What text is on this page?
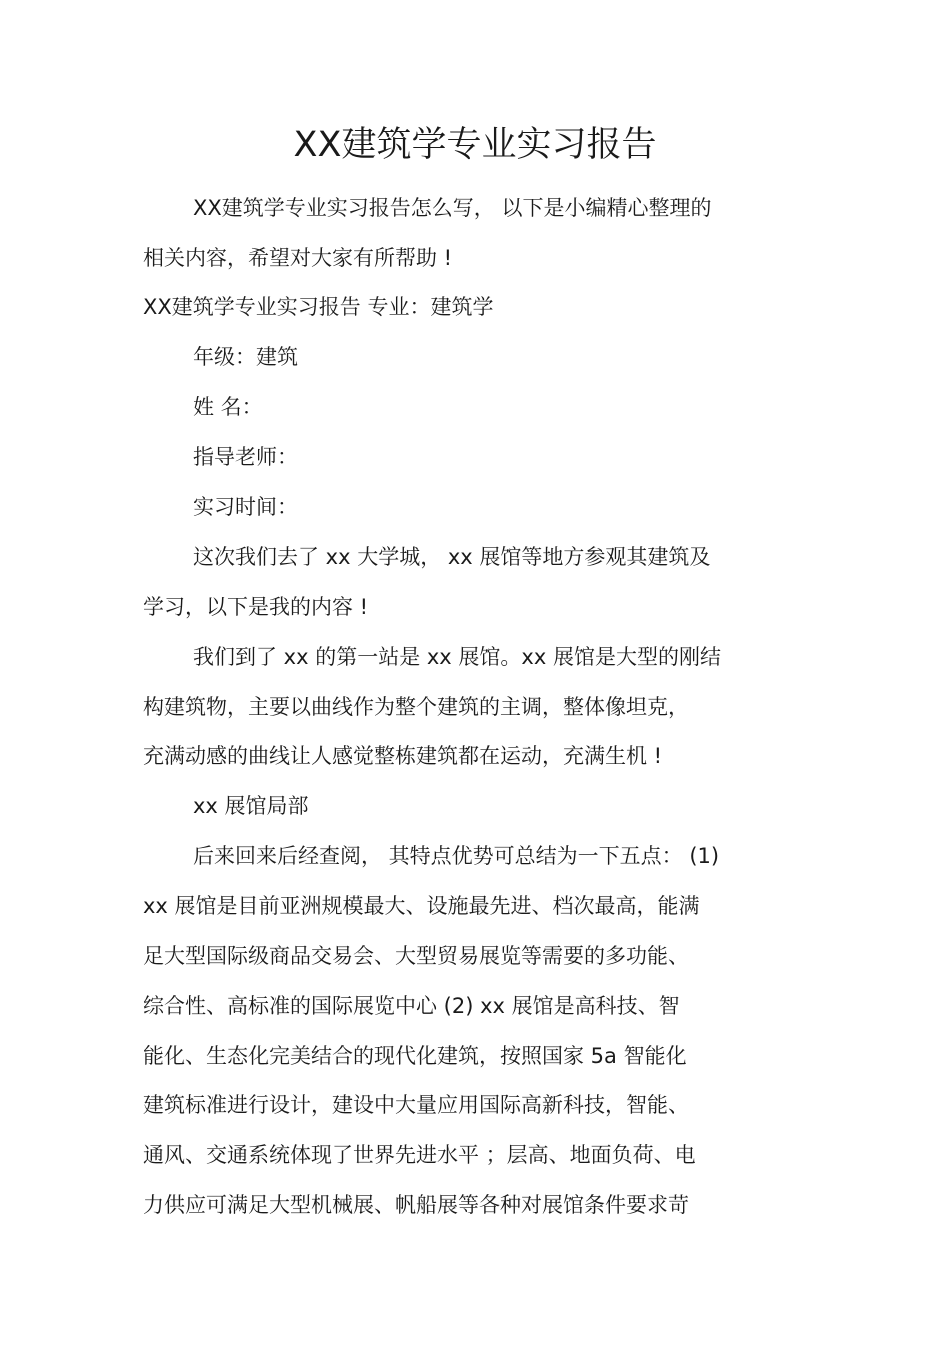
XX建筑学专业实习报告
XX建筑学专业实习报告怎么写， 以下是小编精心整理的
相关内容，希望对大家有所帮助 !
XX建筑学专业实习报告 专业：建筑学
年级：建筑
姓 名：
指导老师：
实习时间：
这次我们去了 xx 大学城， xx 展馆等地方参观其建筑及
学习，以下是我的内容 !
我们到了 xx 的第一站是 xx 展馆。xx 展馆是大型的刚结
构建筑物，主要以曲线作为整个建筑的主调，整体像坦克，
充满动感的曲线让人感觉整栋建筑都在运动，充满生机 !
xx 展馆局部
后来回来后经查阅， 其特点优势可总结为一下五点： (1)
xx 展馆是目前亚洲规模最大、设施最先进、档次最高，能满
足大型国际级商品交易会、大型贸易展览等需要的多功能、
综合性、高标准的国际展览中心 (2) xx 展馆是高科技、智
能化、生态化完美结合的现代化建筑，按照国家 5a 智能化
建筑标准进行设计，建设中大量应用国际高新科技，智能、
通风、交通系统体现了世界先进水平 ；层高、地面负荷、电
力供应可满足大型机械展、帆船展等各种对展馆条件要求苛
